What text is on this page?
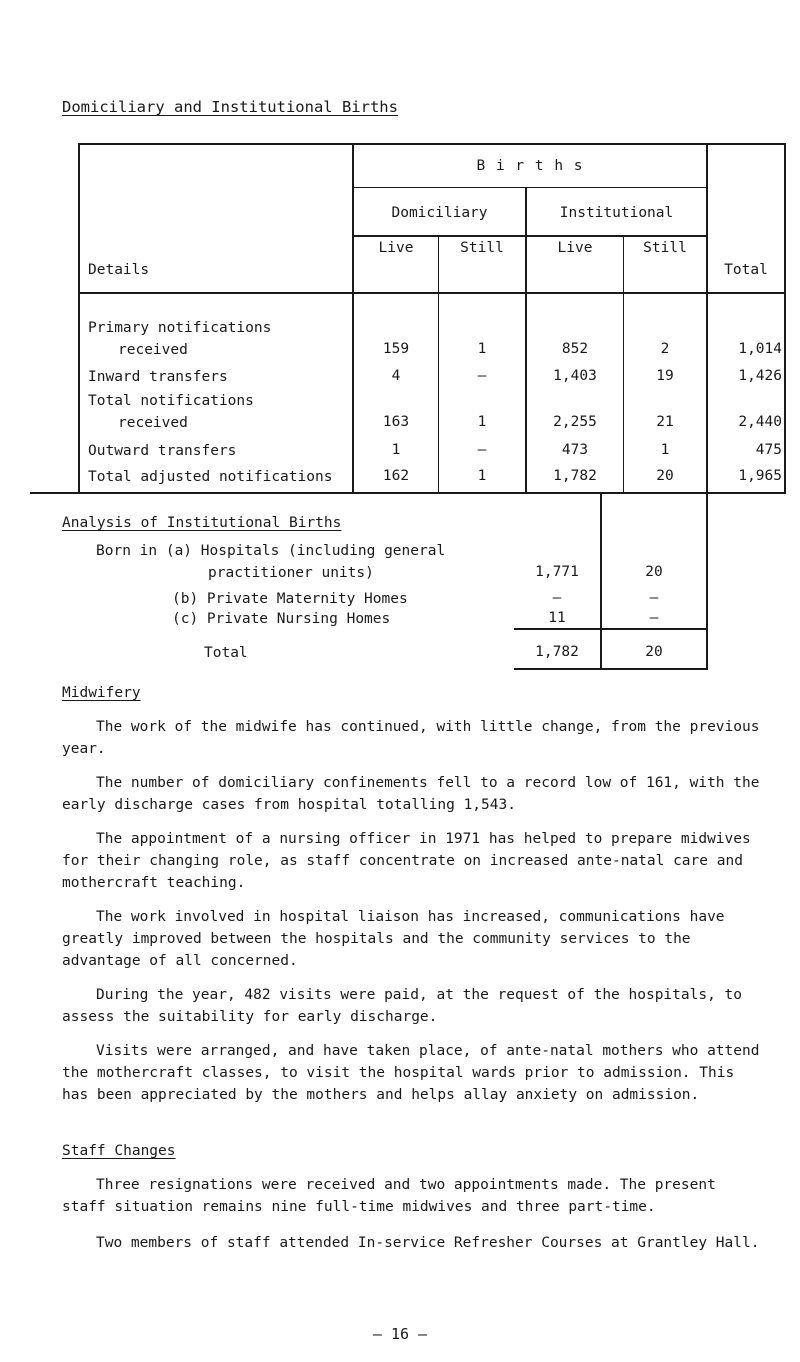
Domiciliary and Institutional Births
B i r t h s
Domiciliary	Institutional
Details
Live	Still	Live	Still
Total
Primary notifications
received	159	1	852	2	1,014
Inward transfers	4	–	1,403	19	1,426
Total notifications
received	163	1	2,255	21	2,440
Outward transfers	1	–	473	1	475
Total adjusted notifications	162	1	1,782	20	1,965
Analysis of Institutional Births
Born in (a) Hospitals (including general
practitioner units)	1,771	20
(b) Private Maternity Homes	–	–
(c) Private Nursing Homes	11	–
Total	1,782	20
Midwifery

The work of the midwife has continued, with little change, from the previous year.

The number of domiciliary confinements fell to a record low of 161, with the early discharge cases from hospital totalling 1,543.

The appointment of a nursing officer in 1971 has helped to prepare midwives for their changing role, as staff concentrate on increased ante-natal care and mothercraft teaching.

The work involved in hospital liaison has increased, communications have greatly improved between the hospitals and the community services to the advantage of all concerned.

During the year, 482 visits were paid, at the request of the hospitals, to assess the suitability for early discharge.

Visits were arranged, and have taken place, of ante-natal mothers who attend the mothercraft classes, to visit the hospital wards prior to admission. This has been appreciated by the mothers and helps allay anxiety on admission.

Staff Changes

Three resignations were received and two appointments made. The present staff situation remains nine full-time midwives and three part-time.

Two members of staff attended In-service Refresher Courses at Grantley Hall.

– 16 –
